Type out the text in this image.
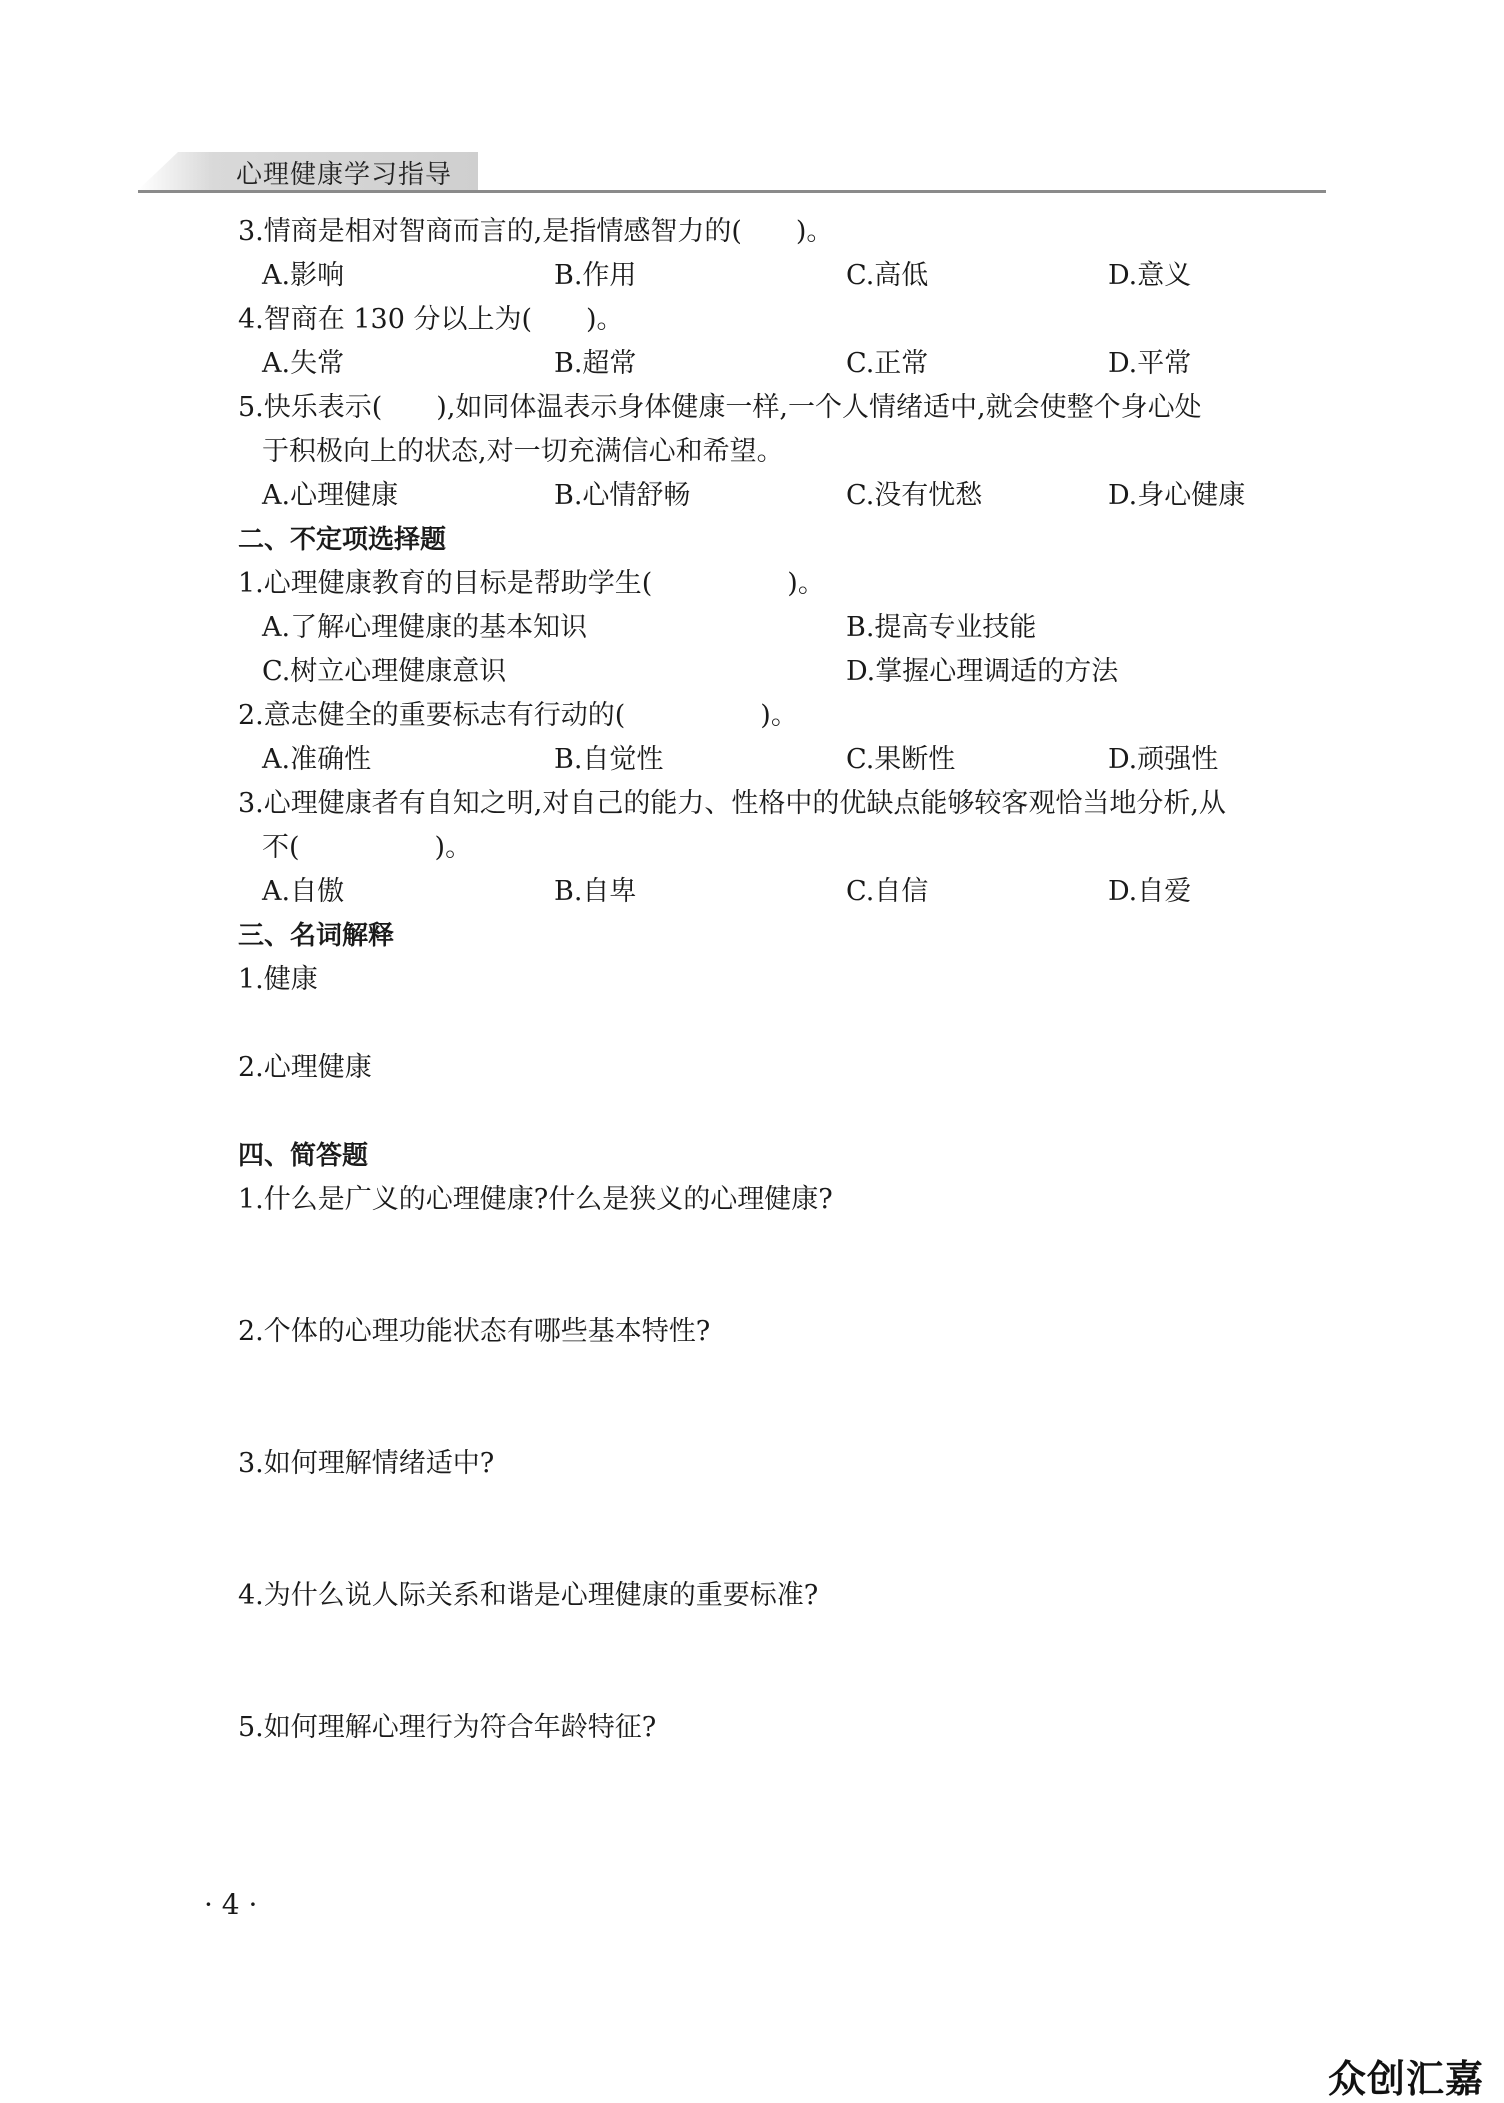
心理健康学习指导
3.情商是相对智商而言的,是指情感智力的(　　)。
A.影响	B.作用	C.高低	D.意义
4.智商在 130 分以上为(　　)。
A.失常	B.超常	C.正常	D.平常
5.快乐表示(　　),如同体温表示身体健康一样,一个人情绪适中,就会使整个身心处
于积极向上的状态,对一切充满信心和希望。
A.心理健康	B.心情舒畅	C.没有忧愁	D.身心健康
二、不定项选择题
1.心理健康教育的目标是帮助学生(　　　　　)。
A.了解心理健康的基本知识	B.提高专业技能
C.树立心理健康意识	D.掌握心理调适的方法
2.意志健全的重要标志有行动的(　　　　　)。
A.准确性	B.自觉性	C.果断性	D.顽强性
3.心理健康者有自知之明,对自己的能力、性格中的优缺点能够较客观恰当地分析,从
不(　　　　　)。
A.自傲	B.自卑	C.自信	D.自爱
三、名词解释
1.健康
2.心理健康
四、简答题
1.什么是广义的心理健康?什么是狭义的心理健康?
2.个体的心理功能状态有哪些基本特性?
3.如何理解情绪适中?
4.为什么说人际关系和谐是心理健康的重要标准?
5.如何理解心理行为符合年龄特征?
· 4 ·
众创汇嘉
